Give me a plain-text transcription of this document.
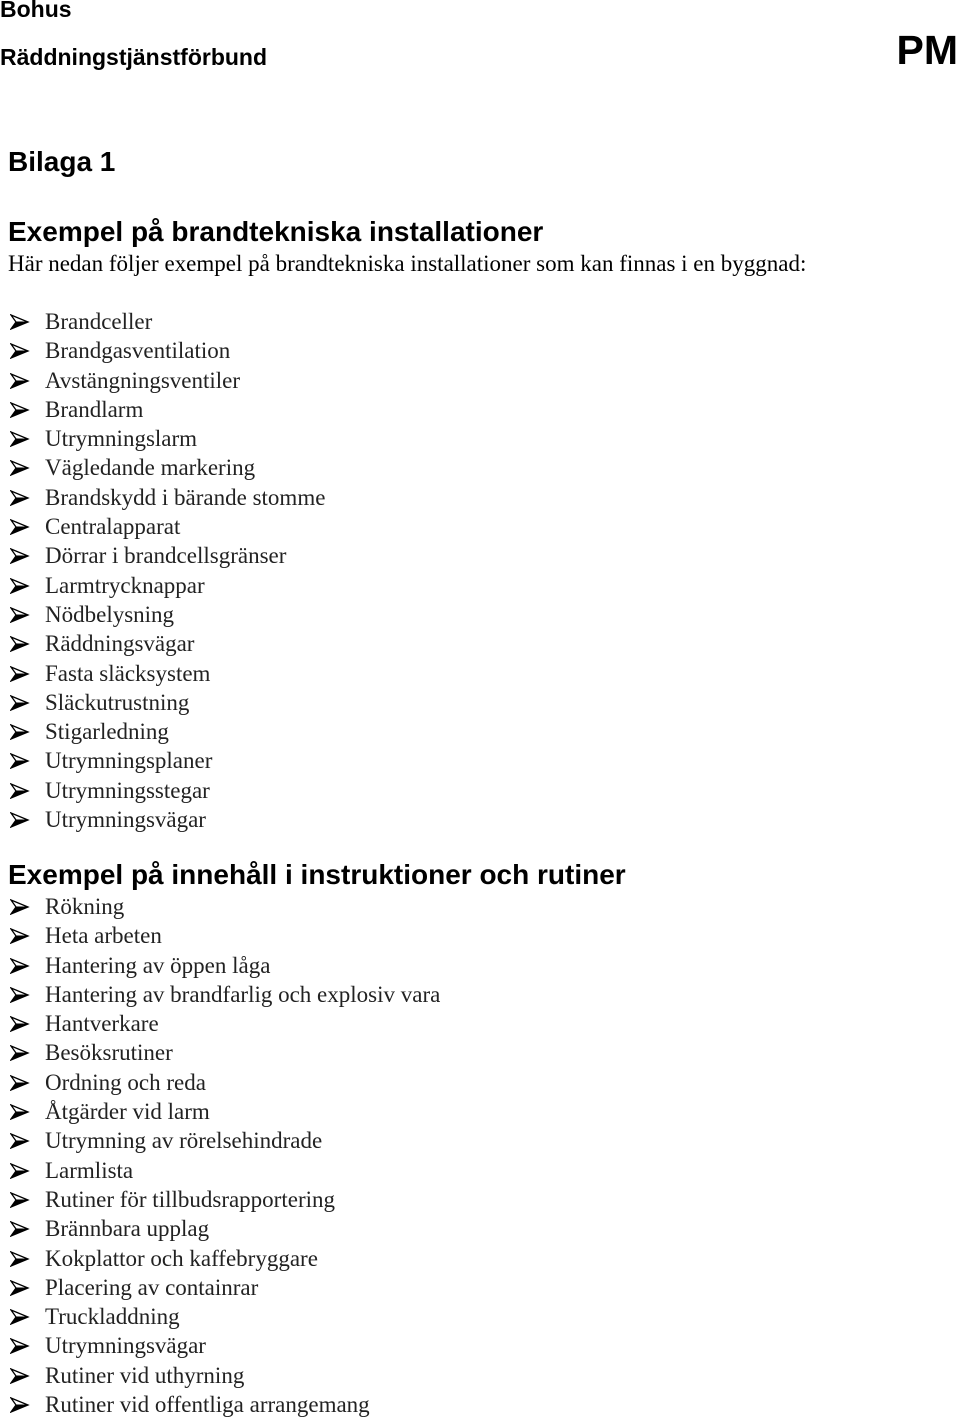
Bohus
Räddningstjänstförbund	PM
Bilaga 1
Exempel på brandtekniska installationer
Här nedan följer exempel på brandtekniska installationer som kan finnas i en byggnad:
Brandceller
Brandgasventilation
Avstängningsventiler
Brandlarm
Utrymningslarm
Vägledande markering
Brandskydd i bärande stomme
Centralapparat
Dörrar i brandcellsgränser
Larmtrycknappar
Nödbelysning
Räddningsvägar
Fasta släcksystem
Släckutrustning
Stigarledning
Utrymningsplaner
Utrymningsstegar
Utrymningsvägar
Exempel på innehåll i instruktioner och rutiner
Rökning
Heta arbeten
Hantering av öppen låga
Hantering av brandfarlig och explosiv vara
Hantverkare
Besöksrutiner
Ordning och reda
Åtgärder vid larm
Utrymning av rörelsehindrade
Larmlista
Rutiner för tillbudsrapportering
Brännbara upplag
Kokplattor och kaffebryggare
Placering av containrar
Truckladdning
Utrymningsvägar
Rutiner vid uthyrning
Rutiner vid offentliga arrangemang
